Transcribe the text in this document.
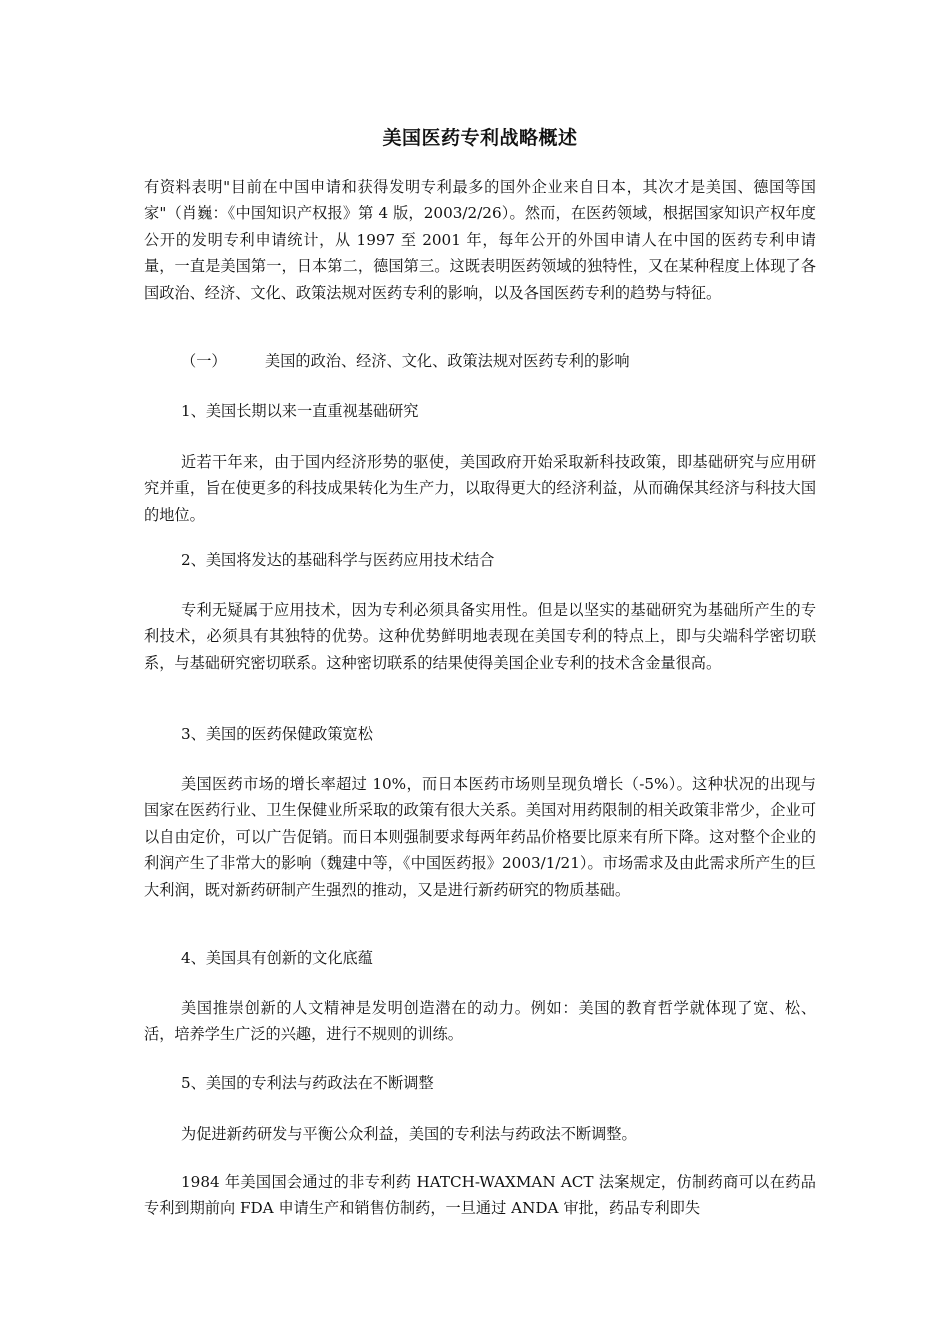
美国医药专利战略概述

有资料表明"目前在中国申请和获得发明专利最多的国外企业来自日本，其次才是美国、德国等国家"（肖巍：《中国知识产权报》第 4 版，2003/2/26）。然而，在医药领域，根据国家知识产权年度公开的发明专利申请统计，从 1997 至 2001 年，每年公开的外国申请人在中国的医药专利申请量，一直是美国第一，日本第二，德国第三。这既表明医药领域的独特性，又在某种程度上体现了各国政治、经济、文化、政策法规对医药专利的影响，以及各国医药专利的趋势与特征。

（一）	美国的政治、经济、文化、政策法规对医药专利的影响

1、美国长期以来一直重视基础研究

近若干年来，由于国内经济形势的驱使，美国政府开始采取新科技政策，即基础研究与应用研究并重，旨在使更多的科技成果转化为生产力，以取得更大的经济利益，从而确保其经济与科技大国的地位。

2、美国将发达的基础科学与医药应用技术结合

专利无疑属于应用技术，因为专利必须具备实用性。但是以坚实的基础研究为基础所产生的专利技术，必须具有其独特的优势。这种优势鲜明地表现在美国专利的特点上，即与尖端科学密切联系，与基础研究密切联系。这种密切联系的结果使得美国企业专利的技术含金量很高。

3、美国的医药保健政策宽松

美国医药市场的增长率超过 10%，而日本医药市场则呈现负增长（-5%）。这种状况的出现与国家在医药行业、卫生保健业所采取的政策有很大关系。美国对用药限制的相关政策非常少，企业可以自由定价，可以广告促销。而日本则强制要求每两年药品价格要比原来有所下降。这对整个企业的利润产生了非常大的影响（魏建中等，《中国医药报》2003/1/21）。市场需求及由此需求所产生的巨大利润，既对新药研制产生强烈的推动，又是进行新药研究的物质基础。

4、美国具有创新的文化底蕴

美国推崇创新的人文精神是发明创造潜在的动力。例如：美国的教育哲学就体现了宽、松、活，培养学生广泛的兴趣，进行不规则的训练。

5、美国的专利法与药政法在不断调整

为促进新药研发与平衡公众利益，美国的专利法与药政法不断调整。

1984 年美国国会通过的非专利药 HATCH-WAXMAN ACT 法案规定，仿制药商可以在药品专利到期前向 FDA 申请生产和销售仿制药，一旦通过 ANDA 审批，药品专利即失
